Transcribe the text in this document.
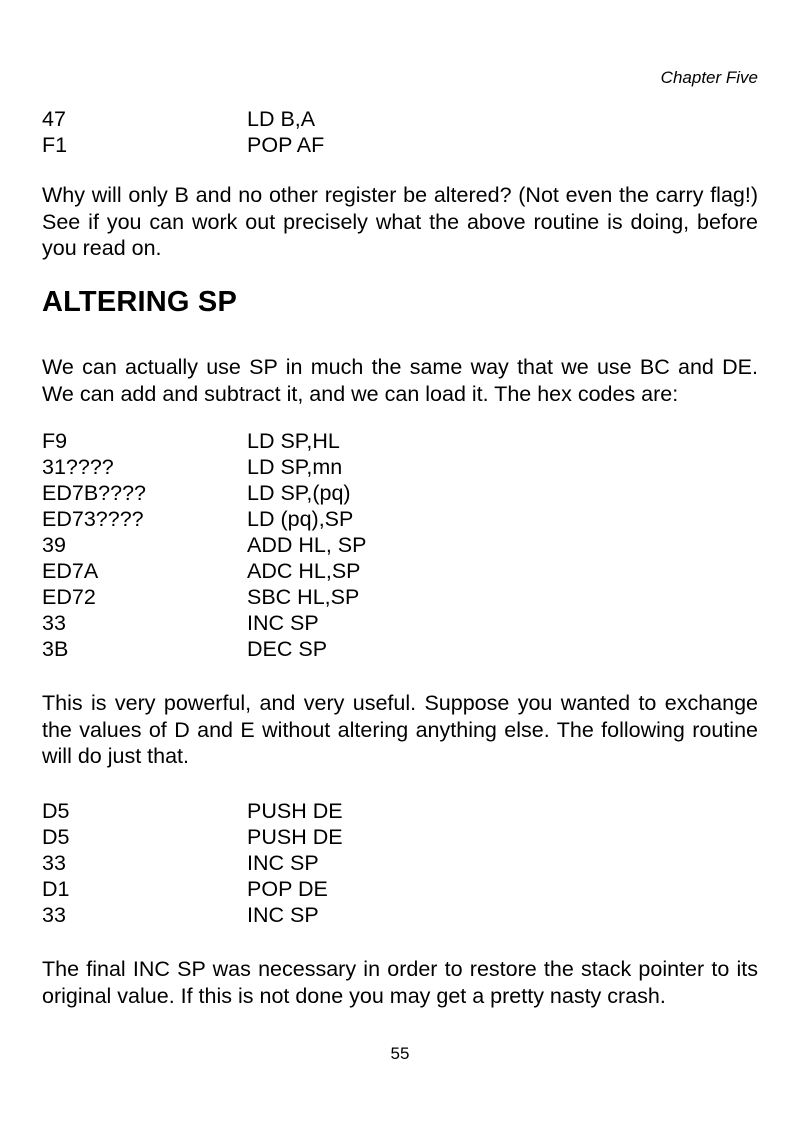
Chapter Five
47	LD B,A
F1	POP AF

Why will only B and no other register be altered? (Not even the carry flag!) See if you can work out precisely what the above routine is doing, before you read on.

ALTERING SP

We can actually use SP in much the same way that we use BC and DE. We can add and subtract it, and we can load it. The hex codes are:

F9	LD SP,HL
31????	LD SP,mn
ED7B????	LD SP,(pq)
ED73????	LD (pq),SP
39	ADD HL, SP
ED7A	ADC HL,SP
ED72	SBC HL,SP
33	INC SP
3B	DEC SP

This is very powerful, and very useful. Suppose you wanted to exchange the values of D and E without altering anything else. The following routine will do just that.

D5	PUSH DE
D5	PUSH DE
33	INC SP
D1	POP DE
33	INC SP

The final INC SP was necessary in order to restore the stack pointer to its original value. If this is not done you may get a pretty nasty crash.

55
